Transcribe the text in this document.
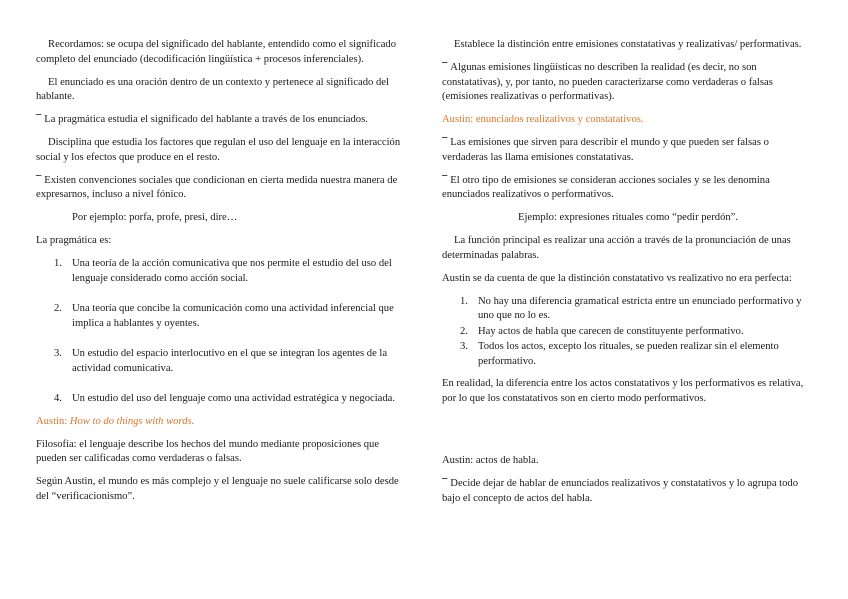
Recordamos: se ocupa del significado del hablante, entendido como el significado completo del enunciado (decodificación lingüística + procesos inferenciales).

El enunciado es una oración dentro de un contexto y pertenece al significado del hablante.

¯ La pragmática estudia el significado del hablante a través de los enunciados.

Disciplina que estudia los factores que regulan el uso del lenguaje en la interacción social y los efectos que produce en el resto.

¯ Existen convenciones sociales que condicionan en cierta medida nuestra manera de expresarnos, incluso a nivel fónico.

Por ejemplo: porfa, profe, presi, dire…

La pragmática es:

1. Una teoría de la acción comunicativa que nos permite el estudio del uso del lenguaje considerado como acción social.
2. Una teoría que concibe la comunicación como una actividad inferencial que implica a hablantes y oyentes.
3. Un estudio del espacio interlocutivo en el que se integran los agentes de la actividad comunicativa.
4. Un estudio del uso del lenguaje como una actividad estratégica y negociada.

Austin: How to do things with words.

Filosofía: el lenguaje describe los hechos del mundo mediante proposiciones que pueden ser calificadas como verdaderas o falsas.

Según Austin, el mundo es más complejo y el lenguaje no suele calificarse solo desde del “verificacionismo”.

Establece la distinción entre emisiones constatativas y realizativas/ performativas.

¯ Algunas emisiones lingüísticas no describen la realidad (es decir, no son constatativas), y, por tanto, no pueden caracterizarse como verdaderas o falsas (emisiones realizativas o performativas).

Austin: enunciados realizativos y constatativos.

¯ Las emisiones que sirven para describir el mundo y que pueden ser falsas o verdaderas las llama emisiones constatativas.

¯ El otro tipo de emisiones se consideran acciones sociales y se les denomina enunciados realizativos o performativos.

Ejemplo: expresiones rituales como “pedir perdón”.

La función principal es realizar una acción a través de la pronunciación de unas determinadas palabras.

Austin se da cuenta de que la distinción constatativo vs realizativo no era perfecta:

1. No hay una diferencia gramatical estricta entre un enunciado performativo y uno que no lo es.
2. Hay actos de habla que carecen de constituyente performativo.
3. Todos los actos, excepto los rituales, se pueden realizar sin el elemento performativo.

En realidad, la diferencia entre los actos constatativos y los performativos es relativa, por lo que los constatativos son en cierto modo performativos.

Austin: actos de habla.

¯ Decide dejar de hablar de enunciados realizativos y constatativos y lo agrupa todo bajo el concepto de actos del habla.
